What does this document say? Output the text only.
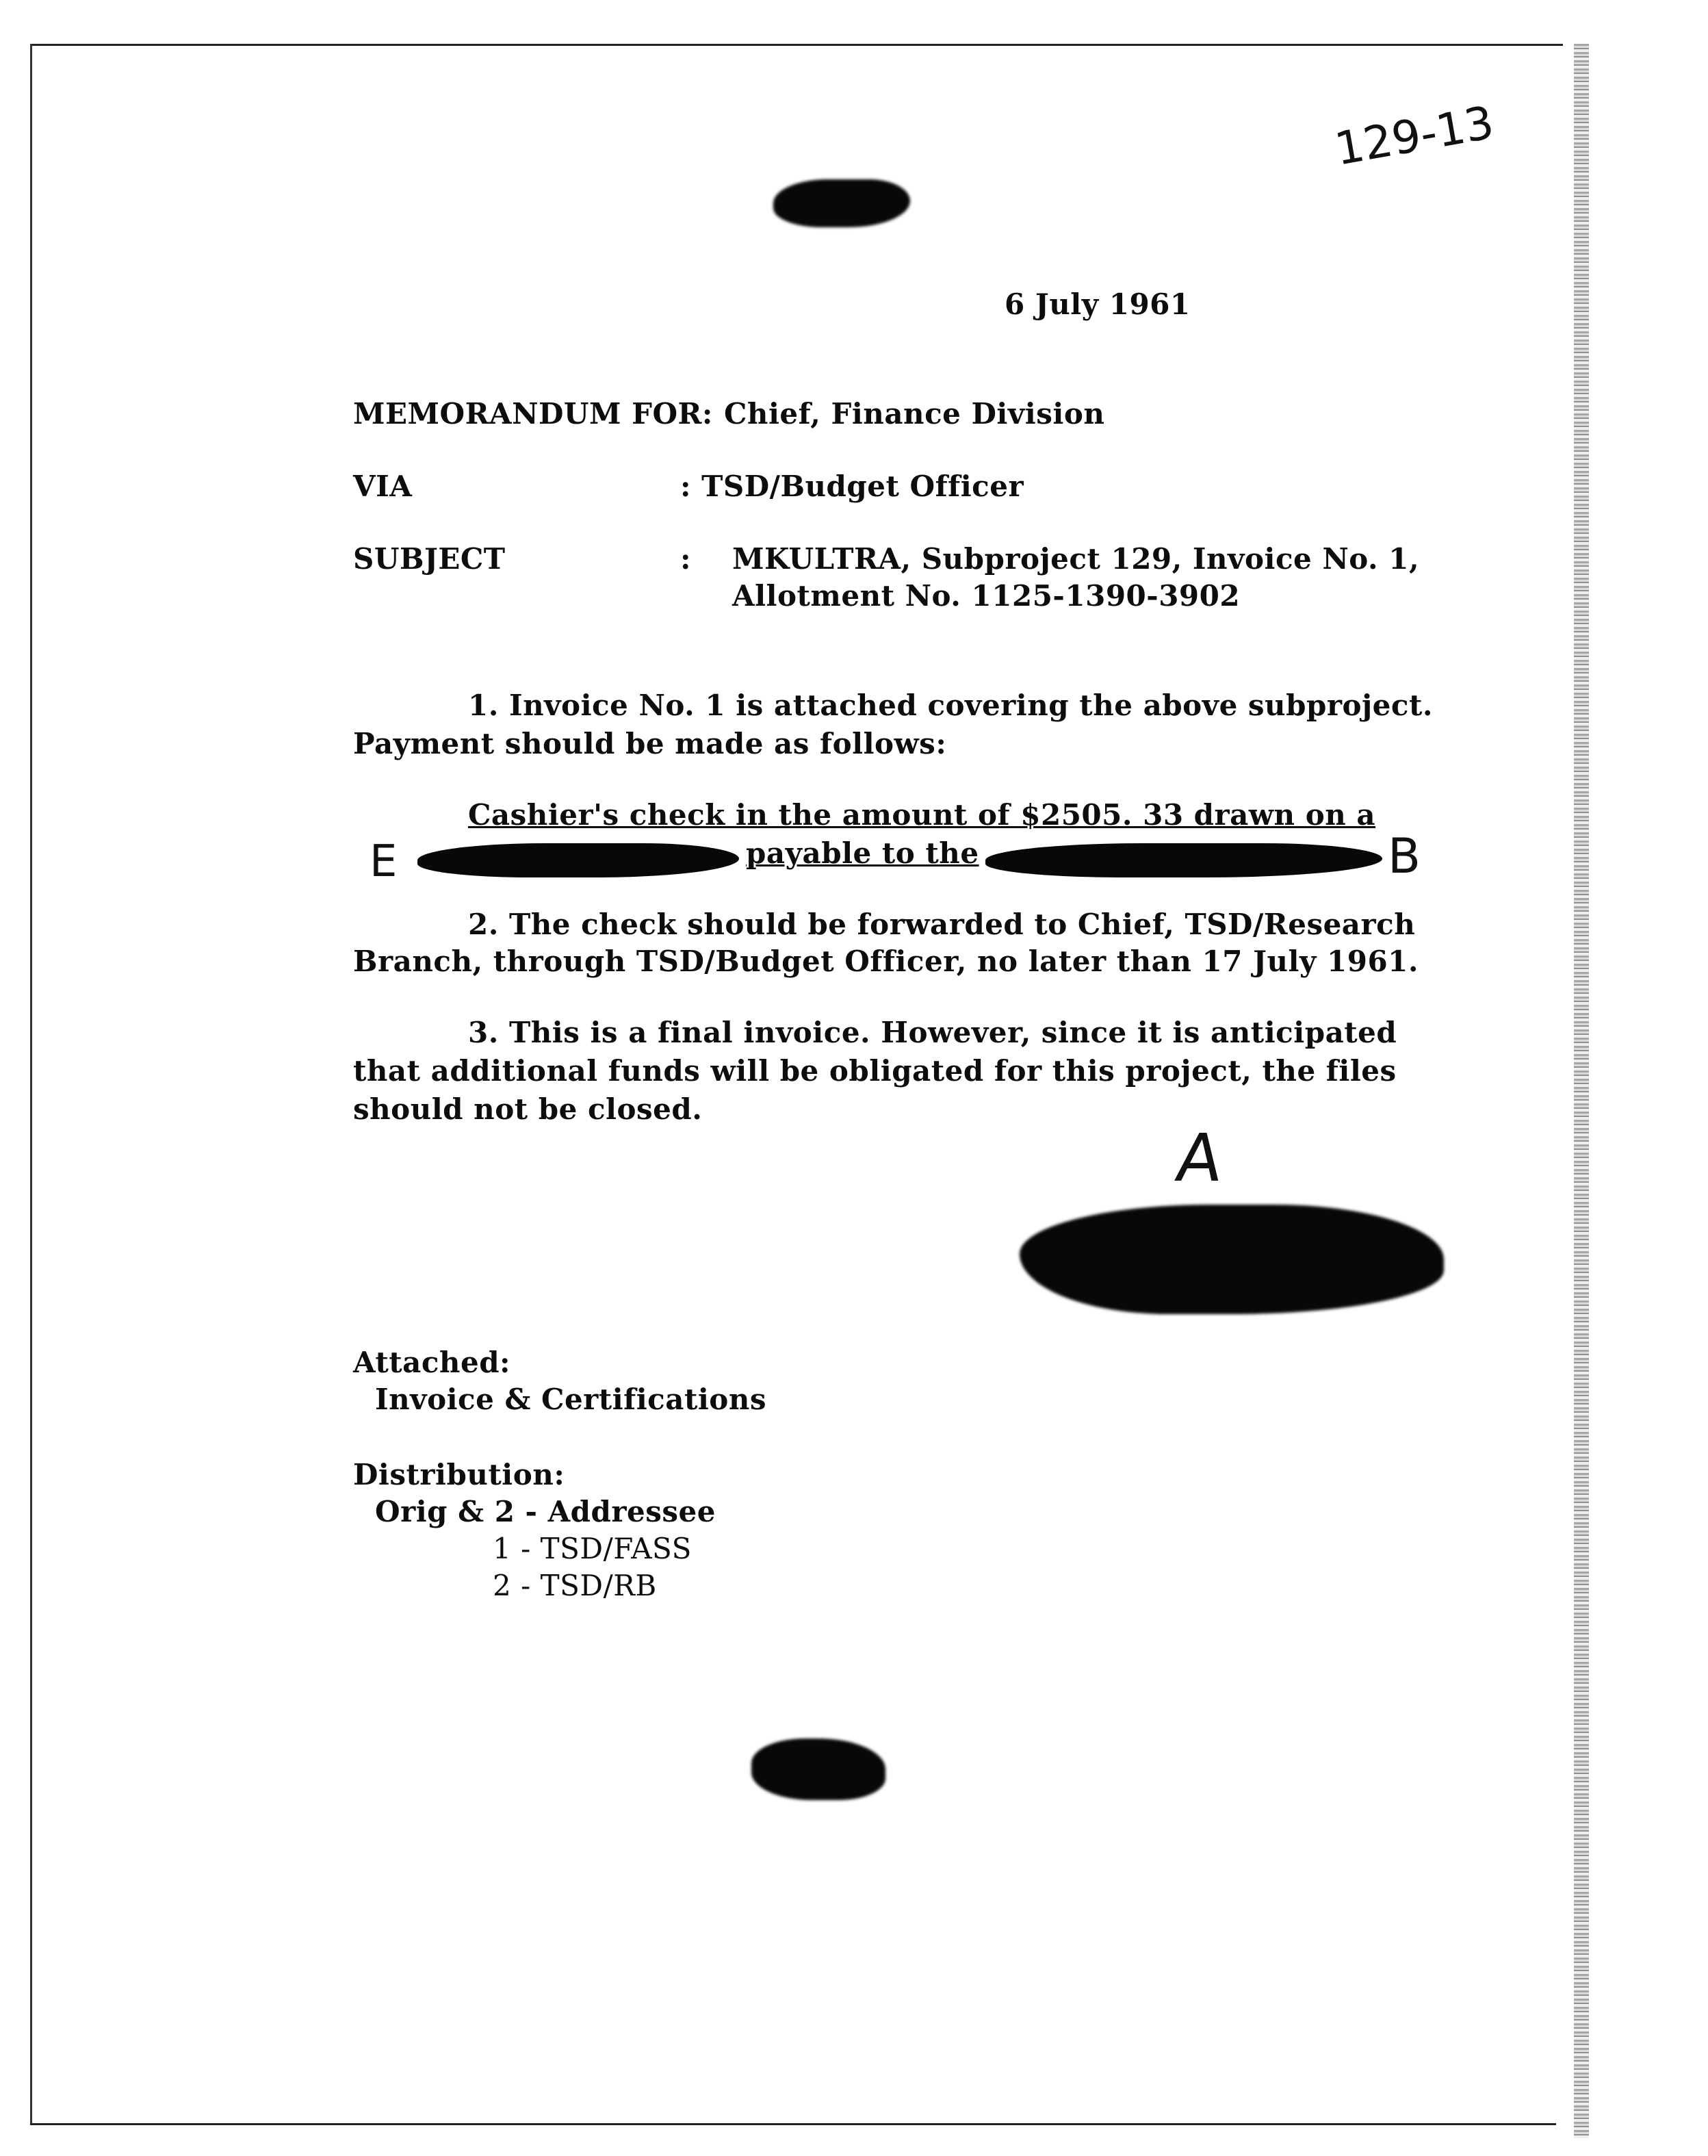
129-13
6 July 1961
MEMORANDUM FOR: Chief, Finance Division
VIA	: TSD/Budget Officer
SUBJECT	: MKULTRA, Subproject 129, Invoice No. 1,
Allotment No. 1125-1390-3902
1. Invoice No. 1 is attached covering the above subproject.
Payment should be made as follows:
Cashier's check in the amount of $2505. 33 drawn on a
E	payable to the	B
2. The check should be forwarded to Chief, TSD/Research
Branch, through TSD/Budget Officer, no later than 17 July 1961.
3. This is a final invoice. However, since it is anticipated
that additional funds will be obligated for this project, the files
should not be closed.
A
Attached:
Invoice & Certifications
Distribution:
Orig & 2 - Addressee
1 - TSD/FASS
2 - TSD/RB
